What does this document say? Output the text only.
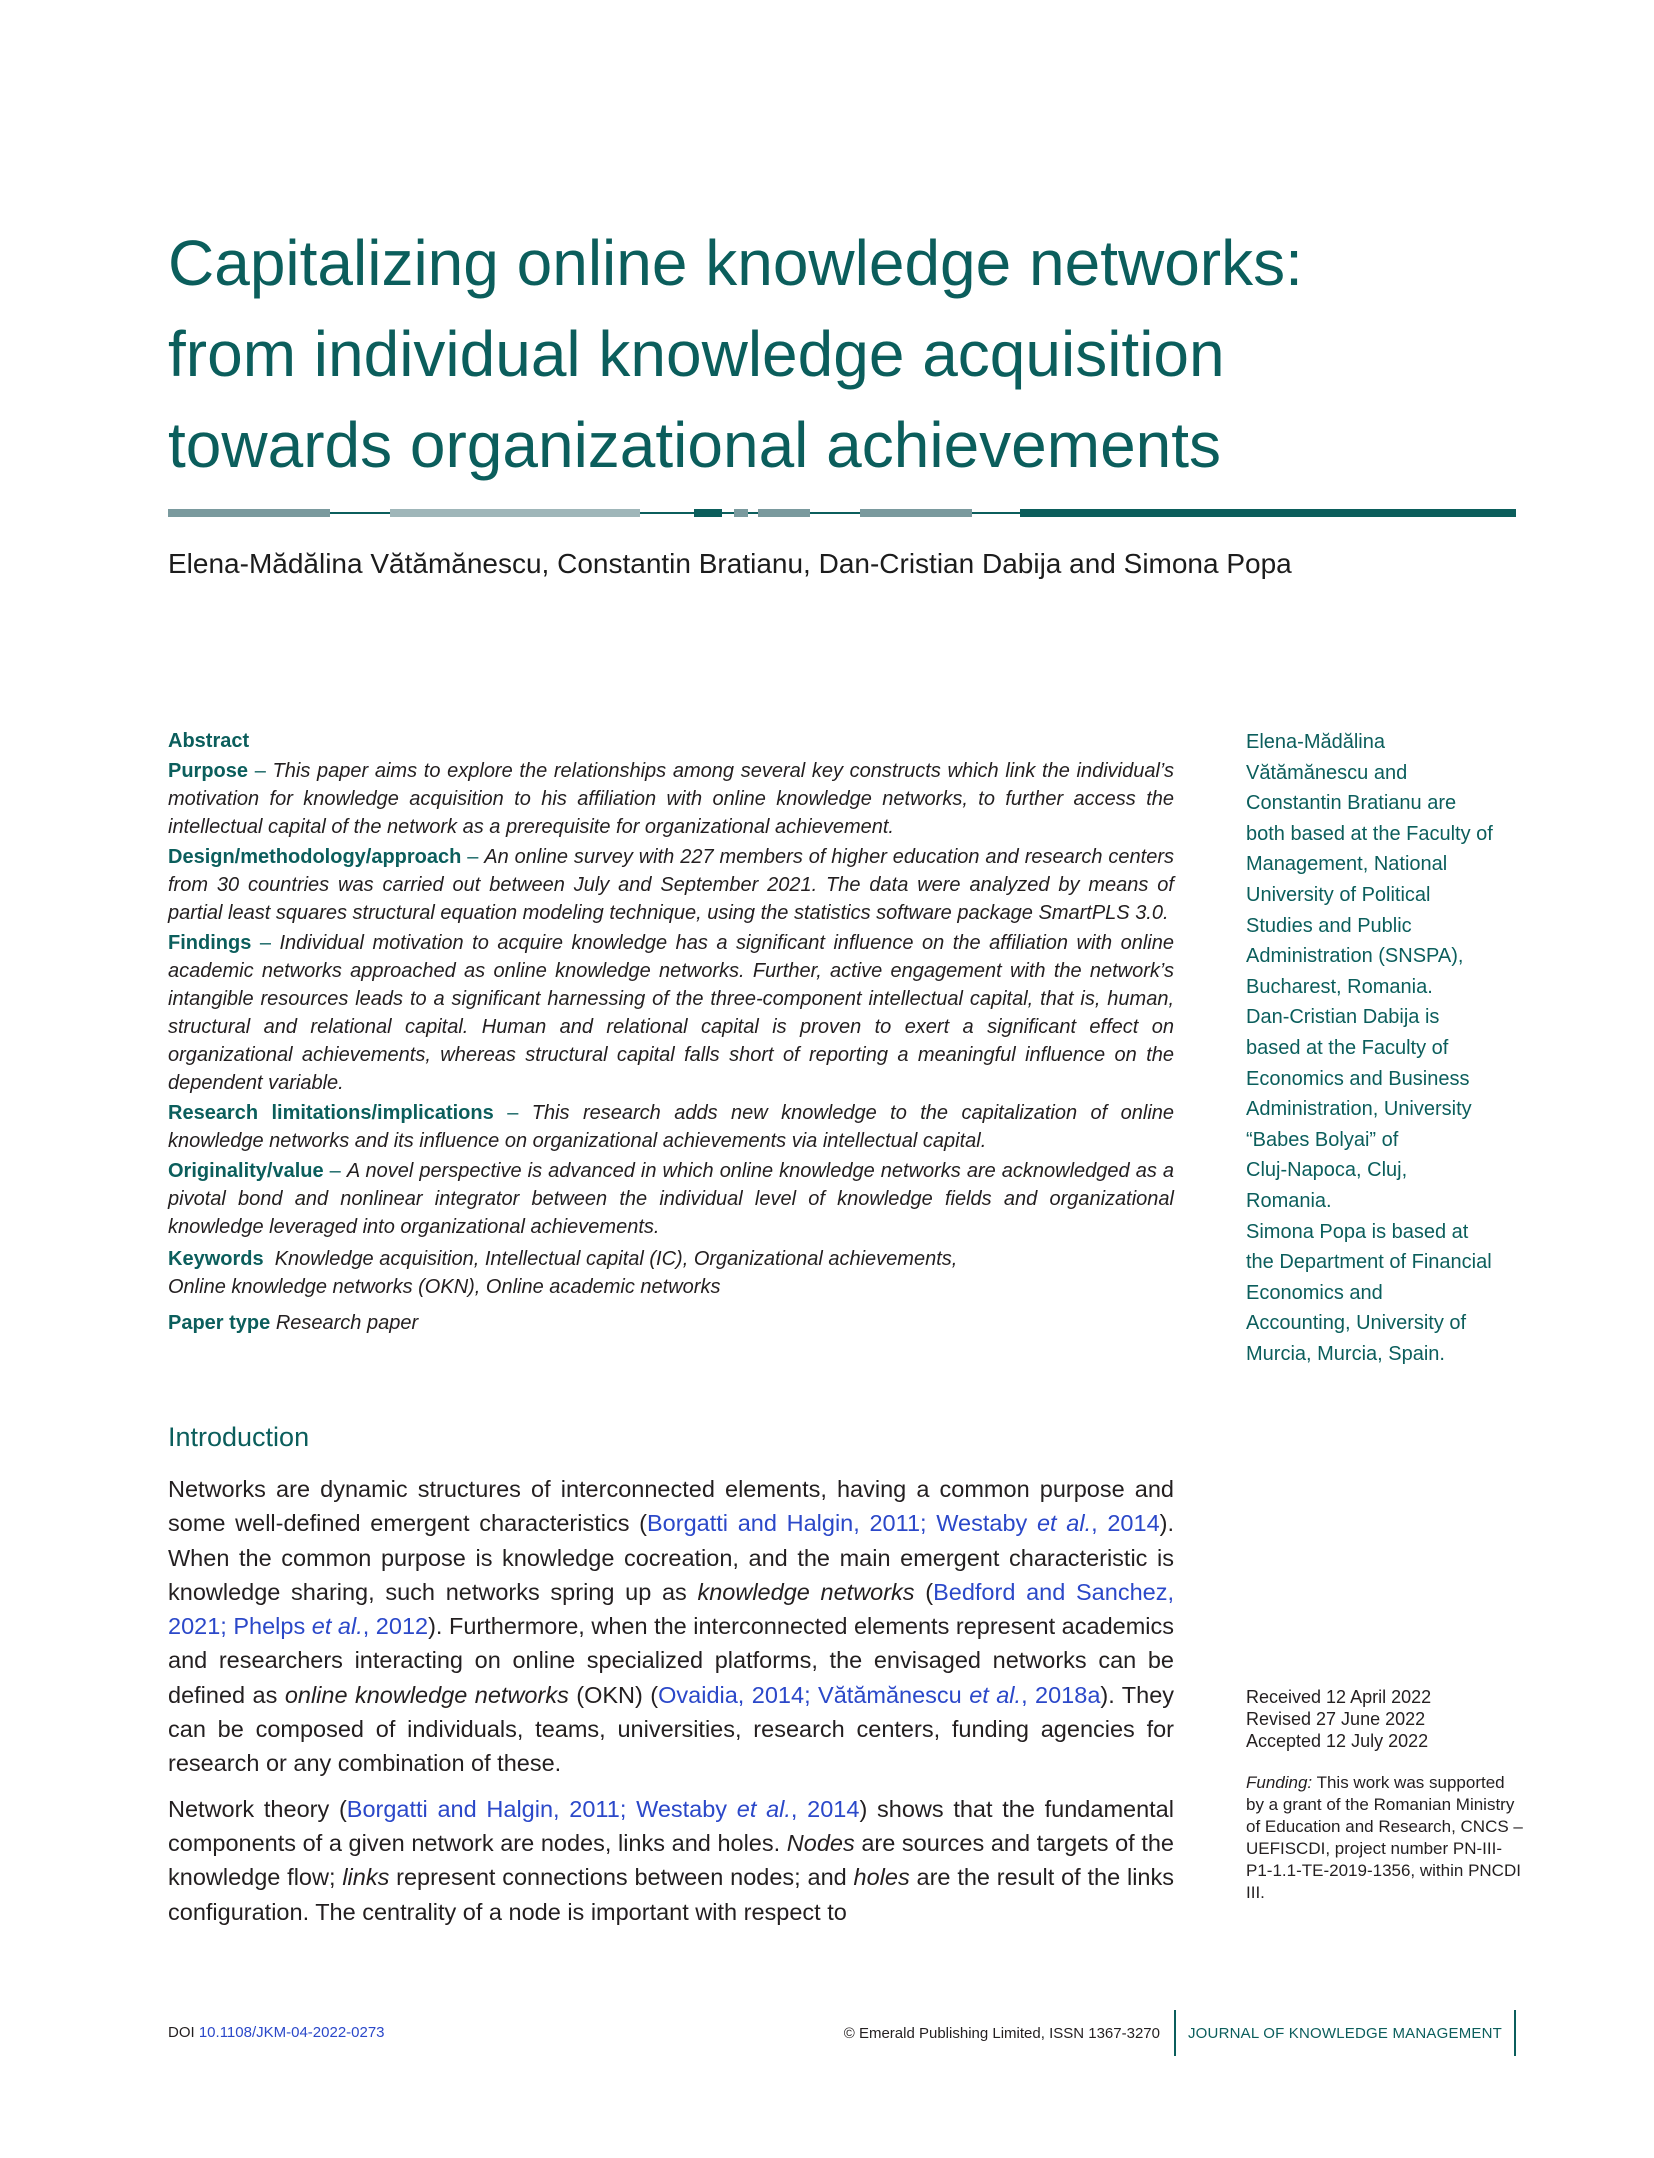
Capitalizing online knowledge networks:
from individual knowledge acquisition
towards organizational achievements

Elena-Mădălina Vătămănescu, Constantin Bratianu, Dan-Cristian Dabija and Simona Popa

Abstract

Purpose – This paper aims to explore the relationships among several key constructs which link the individual’s motivation for knowledge acquisition to his affiliation with online knowledge networks, to further access the intellectual capital of the network as a prerequisite for organizational achievement.

Design/methodology/approach – An online survey with 227 members of higher education and research centers from 30 countries was carried out between July and September 2021. The data were analyzed by means of partial least squares structural equation modeling technique, using the statistics software package SmartPLS 3.0.

Findings – Individual motivation to acquire knowledge has a significant influence on the affiliation with online academic networks approached as online knowledge networks. Further, active engagement with the network’s intangible resources leads to a significant harnessing of the three-component intellectual capital, that is, human, structural and relational capital. Human and relational capital is proven to exert a significant effect on organizational achievements, whereas structural capital falls short of reporting a meaningful influence on the dependent variable.

Research limitations/implications – This research adds new knowledge to the capitalization of online knowledge networks and its influence on organizational achievements via intellectual capital.

Originality/value – A novel perspective is advanced in which online knowledge networks are acknowledged as a pivotal bond and nonlinear integrator between the individual level of knowledge fields and organizational knowledge leveraged into organizational achievements.

Keywords Knowledge acquisition, Intellectual capital (IC), Organizational achievements,
Online knowledge networks (OKN), Online academic networks
Paper type Research paper
Elena-Mădălina
Vătămănescu and
Constantin Bratianu are
both based at the Faculty of
Management, National
University of Political
Studies and Public
Administration (SNSPA),
Bucharest, Romania.
Dan-Cristian Dabija is
based at the Faculty of
Economics and Business
Administration, University
“Babes Bolyai” of
Cluj-Napoca, Cluj,
Romania.
Simona Popa is based at
the Department of Financial
Economics and
Accounting, University of
Murcia, Murcia, Spain.
Introduction

Networks are dynamic structures of interconnected elements, having a common purpose and some well-defined emergent characteristics (Borgatti and Halgin, 2011; Westaby et al., 2014). When the common purpose is knowledge cocreation, and the main emergent characteristic is knowledge sharing, such networks spring up as knowledge networks (Bedford and Sanchez, 2021; Phelps et al., 2012). Furthermore, when the interconnected elements represent academics and researchers interacting on online specialized platforms, the envisaged networks can be defined as online knowledge networks (OKN) (Ovaidia, 2014; Vătămănescu et al., 2018a). They can be composed of individuals, teams, universities, research centers, funding agencies for research or any combination of these.

Network theory (Borgatti and Halgin, 2011; Westaby et al., 2014) shows that the fundamental components of a given network are nodes, links and holes. Nodes are sources and targets of the knowledge flow; links represent connections between nodes; and holes are the result of the links configuration. The centrality of a node is important with respect to

Received 12 April 2022
Revised 27 June 2022
Accepted 12 July 2022
Funding: This work was supported by a grant of the Romanian Ministry of Education and Research, CNCS – UEFISCDI, project number PN-III-P1-1.1-TE-2019-1356, within PNCDI III.
DOI 10.1108/JKM-04-2022-0273	© Emerald Publishing Limited, ISSN 1367-3270 JOURNAL OF KNOWLEDGE MANAGEMENT
